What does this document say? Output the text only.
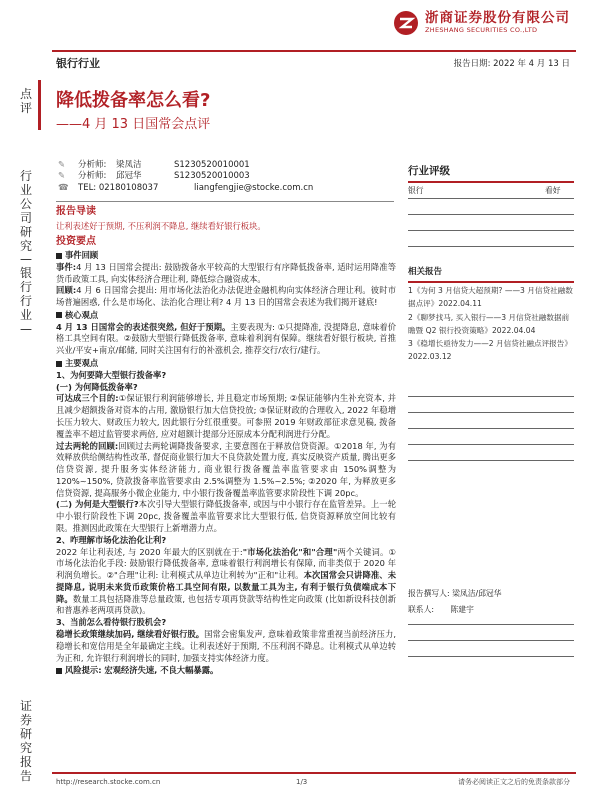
浙商证券股份有限公司
ZHESHANG SECURITIES CO.,LTD
银行行业	报告日期: 2022 年 4 月 13 日
点评
行业公司研究—银行行业—
证券研究报告
降低拨备率怎么看?
——4 月 13 日国常会点评
✎	分析师:	梁凤洁	S1230520010001
✎	分析师:	邱冠华	S1230520010003
☎	TEL: 02180108037	liangfengjie@stocke.com.cn
报告导读
让利表述好于预期, 不压利润不降息, 继续看好银行板块。
投资要点
事件回顾
事件:4 月 13 日国常会提出: 鼓励拨备水平较高的大型银行有序降低拨备率, 适时运用降准等货币政策工具, 向实体经济合理让利, 降低综合融资成本。
回顾:4 月 6 日国常会提出: 用市场化法治化办法促进金融机构向实体经济合理让利。彼时市场普遍困惑, 什么是市场化、法治化合理让利? 4 月 13 日的国常会表述为我们揭开谜底!
核心观点
4 月 13 日国常会的表述很突然, 但好于预期。主要表现为: ①只提降准, 没提降息, 意味着价格工具空间有限。②鼓励大型银行降低拨备率, 意味着利润有保障。继续看好银行板块, 首推兴业/平安+南京/邮储, 同时关注国有行的补涨机会, 推荐交行/农行/建行。
主要观点
1、为何要降大型银行拨备率?
(一) 为何降低拨备率?
可达成三个目的:①保证银行利润能够增长, 并且稳定市场预期; ②保证能够内生补充资本, 并且减少超额拨备对资本的占用, 激励银行加大信贷投放; ③保证财政的合理收入, 2022 年稳增长压力较大、财政压力较大, 因此银行分红很重要。可参照 2019 年财政部征求意见稿, 拨备覆盖率不超过监管要求两倍, 应对超额计提部分还原成本分配利润进行分配。
过去两轮的回顾:回顾过去两轮调降拨备要求, 主要意图在于释放信贷资源。①2018 年, 为有效释放供给侧结构性改革, 督促商业银行加大不良贷款处置力度, 真实反映资产质量, 腾出更多信贷资源, 提升服务实体经济能力, 商业银行拨备覆盖率监管要求由 150%调整为 120%~150%, 贷款拨备率监管要求由 2.5%调整为 1.5%~2.5%; ②2020 年, 为释放更多信贷资源, 提高服务小微企业能力, 中小银行拨备覆盖率监管要求阶段性下调 20pc。
(二) 为何是大型银行?本次引导大型银行降低拨备率, 或因与中小银行存在监管差异。上一轮中小银行阶段性下调 20pc, 拨备覆盖率监管要求比大型银行低, 信贷资源释放空间比较有限。推测因此政策在大型银行上新增潜力点。
2、咋理解市场化法治化让利?
2022 年让利表述, 与 2020 年最大的区别就在于:"市场化法治化"和"合理"两个关键词。①市场化法治化手段: 鼓励银行降低拨备率, 意味着银行利润增长有保障, 而非类似于 2020 年利润负增长。②"合理"让利: 让利模式从单边让利转为"正和"让利。本次国常会只讲降准、未提降息, 说明未来货币政策价格工具空间有限, 以数量工具为主, 有利于银行负债端成本下降。数量工具包括降准等总量政策, 也包括专项再贷款等结构性定向政策 (比如新设科技创新和普惠养老两项再贷款)。
3、当前怎么看待银行股机会?
稳增长政策继续加码, 继续看好银行股。国常会密集发声, 意味着政策非常重视当前经济压力, 稳增长和宽信用是全年最确定主线。让利表述好于预期, 不压利润不降息。让利模式从单边转为正和, 允许银行利润增长的同时, 加强支持实体经济力度。
风险提示: 宏观经济失速, 不良大幅暴露。
行业评级
银行	看好
相关报告
1《为何 3 月信贷大超预期? ——3 月信贷社融数据点评》2022.04.11
2《聊梦找马, 买入银行——3 月信贷社融数据前瞻暨 Q2 银行投资策略》2022.04.04
3《稳增长亟待发力——2 月信贷社融点评报告》2022.03.12
报告撰写人: 梁凤洁/邱冠华
联系人: 陈建宇
http://research.stocke.com.cn	1/3	请务必阅读正文之后的免责条款部分
